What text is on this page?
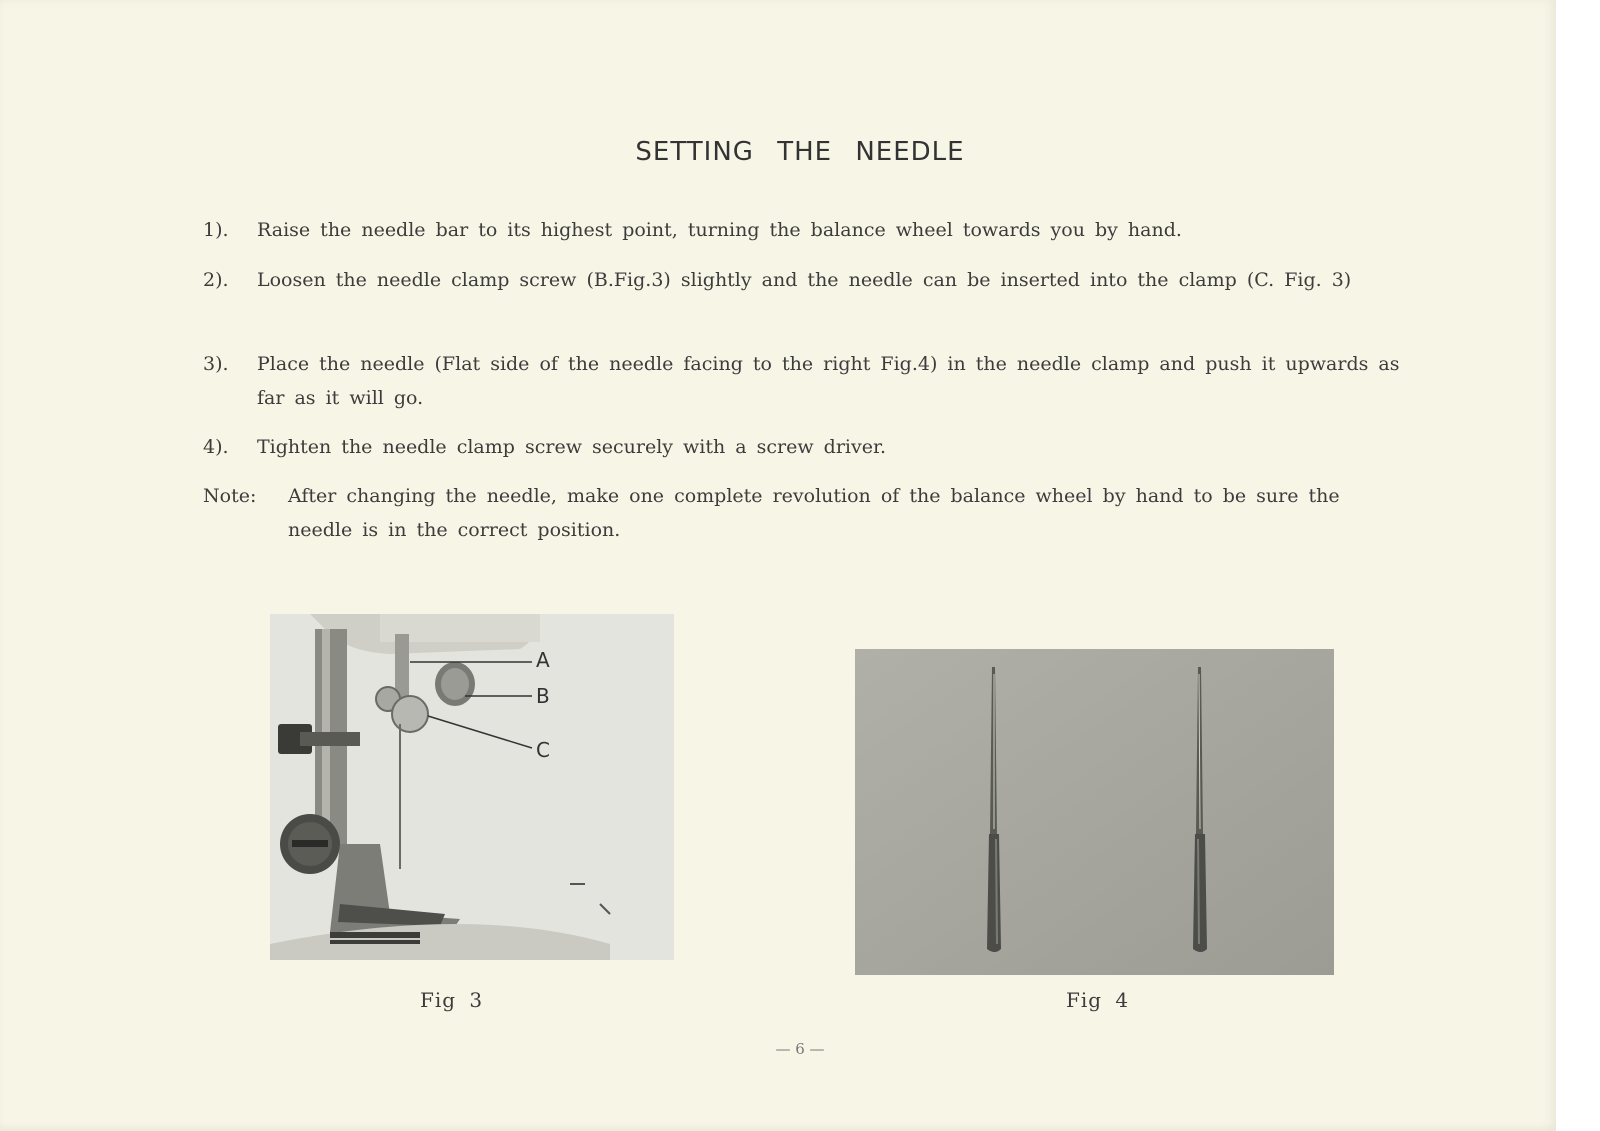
SETTING THE NEEDLE
1).	Raise the needle bar to its highest point, turning the balance wheel towards you by hand.
2).	Loosen the needle clamp screw (B.Fig.3) slightly and the needle can be inserted into the clamp (C. Fig. 3)
3).	Place the needle (Flat side of the needle facing to the right Fig.4) in the needle clamp and push it upwards as far as it will go.
4).	Tighten the needle clamp screw securely with a screw driver.
Note: After changing the needle, make one complete revolution of the balance wheel by hand to be sure the needle is in the correct position.
A
B
C
Fig 3	Fig 4
— 6 —
